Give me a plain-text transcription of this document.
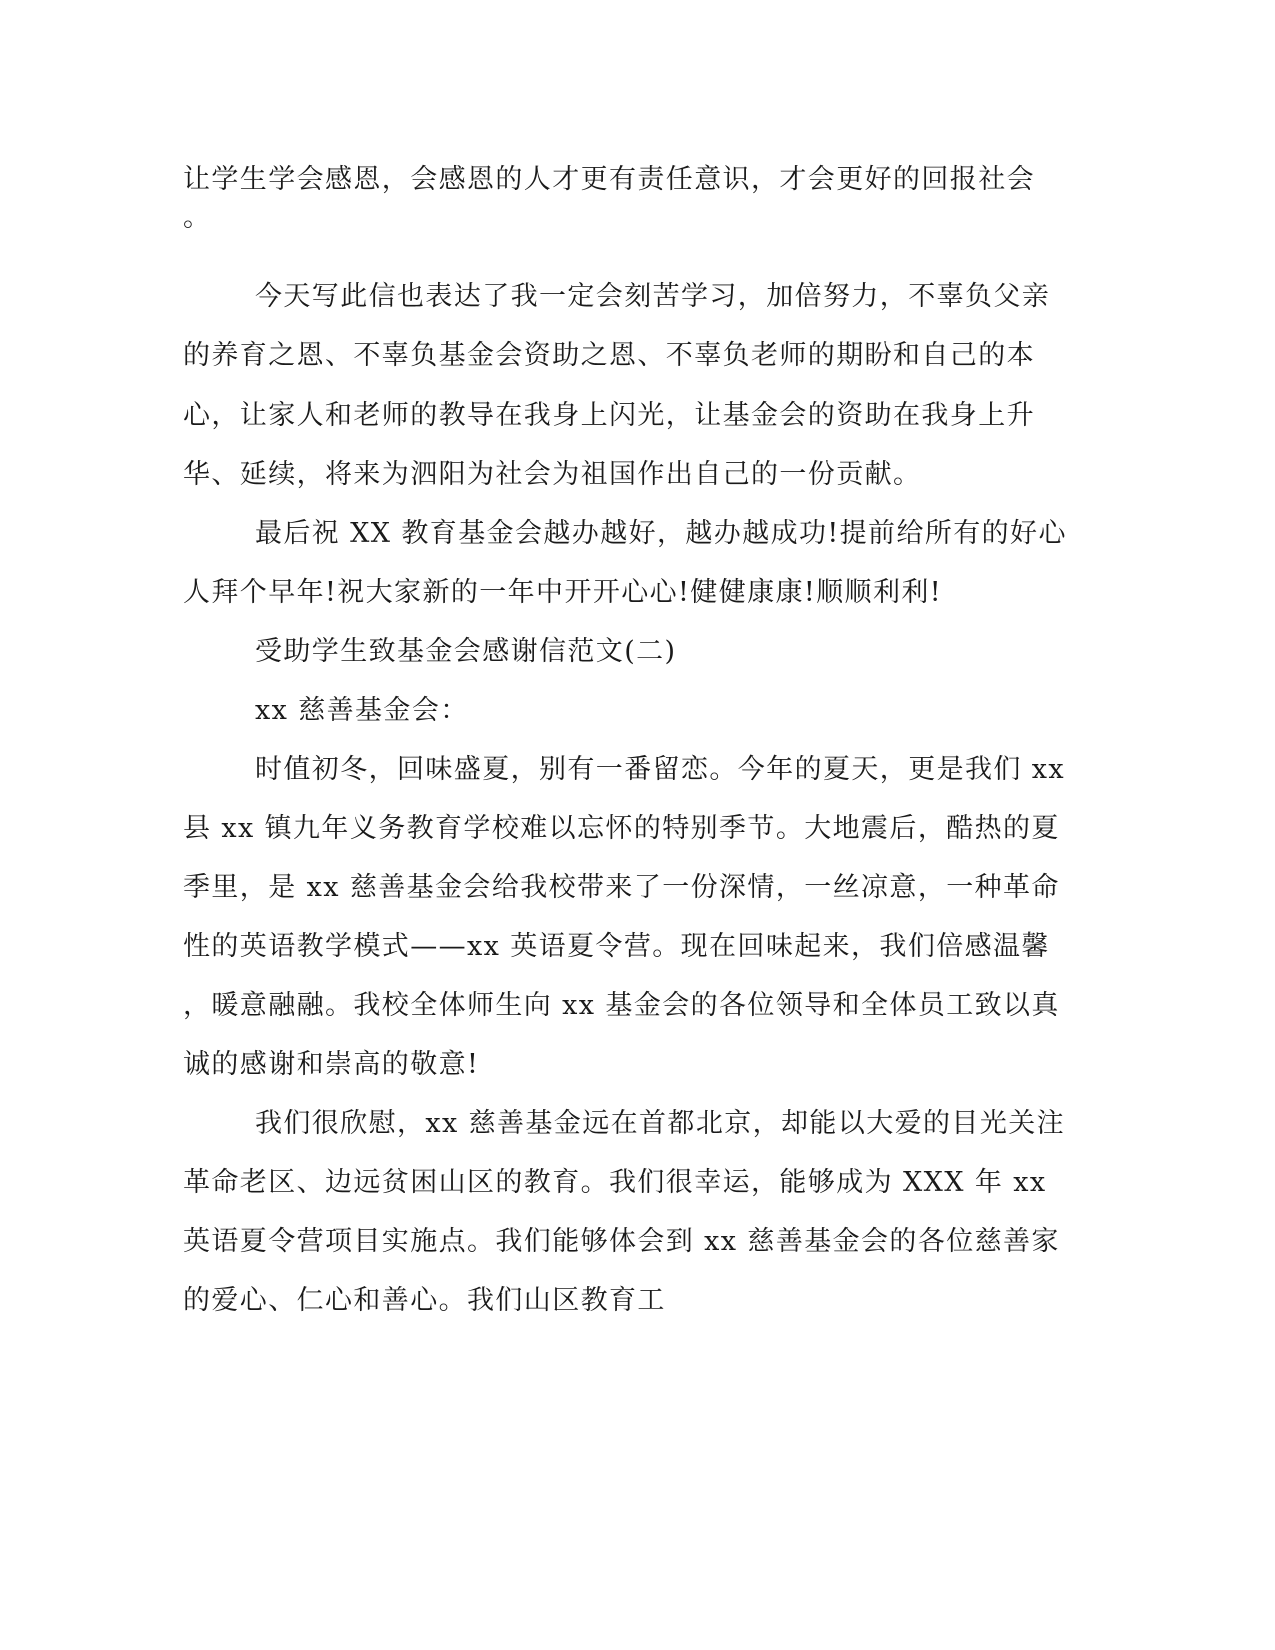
让学生学会感恩，会感恩的人才更有责任意识，才会更好的回报社会
。
今天写此信也表达了我一定会刻苦学习，加倍努力，不辜负父亲
的养育之恩、不辜负基金会资助之恩、不辜负老师的期盼和自己的本
心，让家人和老师的教导在我身上闪光，让基金会的资助在我身上升
华、延续，将来为泗阳为社会为祖国作出自己的一份贡献。
最后祝 XX 教育基金会越办越好，越办越成功!提前给所有的好心
人拜个早年!祝大家新的一年中开开心心!健健康康!顺顺利利!
受助学生致基金会感谢信范文(二)
xx 慈善基金会：
时值初冬，回味盛夏，别有一番留恋。今年的夏天，更是我们 xx
县 xx 镇九年义务教育学校难以忘怀的特别季节。大地震后，酷热的夏
季里，是 xx 慈善基金会给我校带来了一份深情，一丝凉意，一种革命
性的英语教学模式——xx 英语夏令营。现在回味起来，我们倍感温馨
，暖意融融。我校全体师生向 xx 基金会的各位领导和全体员工致以真
诚的感谢和崇高的敬意!
我们很欣慰，xx 慈善基金远在首都北京，却能以大爱的目光关注
革命老区、边远贫困山区的教育。我们很幸运，能够成为 XXX 年 xx
英语夏令营项目实施点。我们能够体会到 xx 慈善基金会的各位慈善家
的爱心、仁心和善心。我们山区教育工
